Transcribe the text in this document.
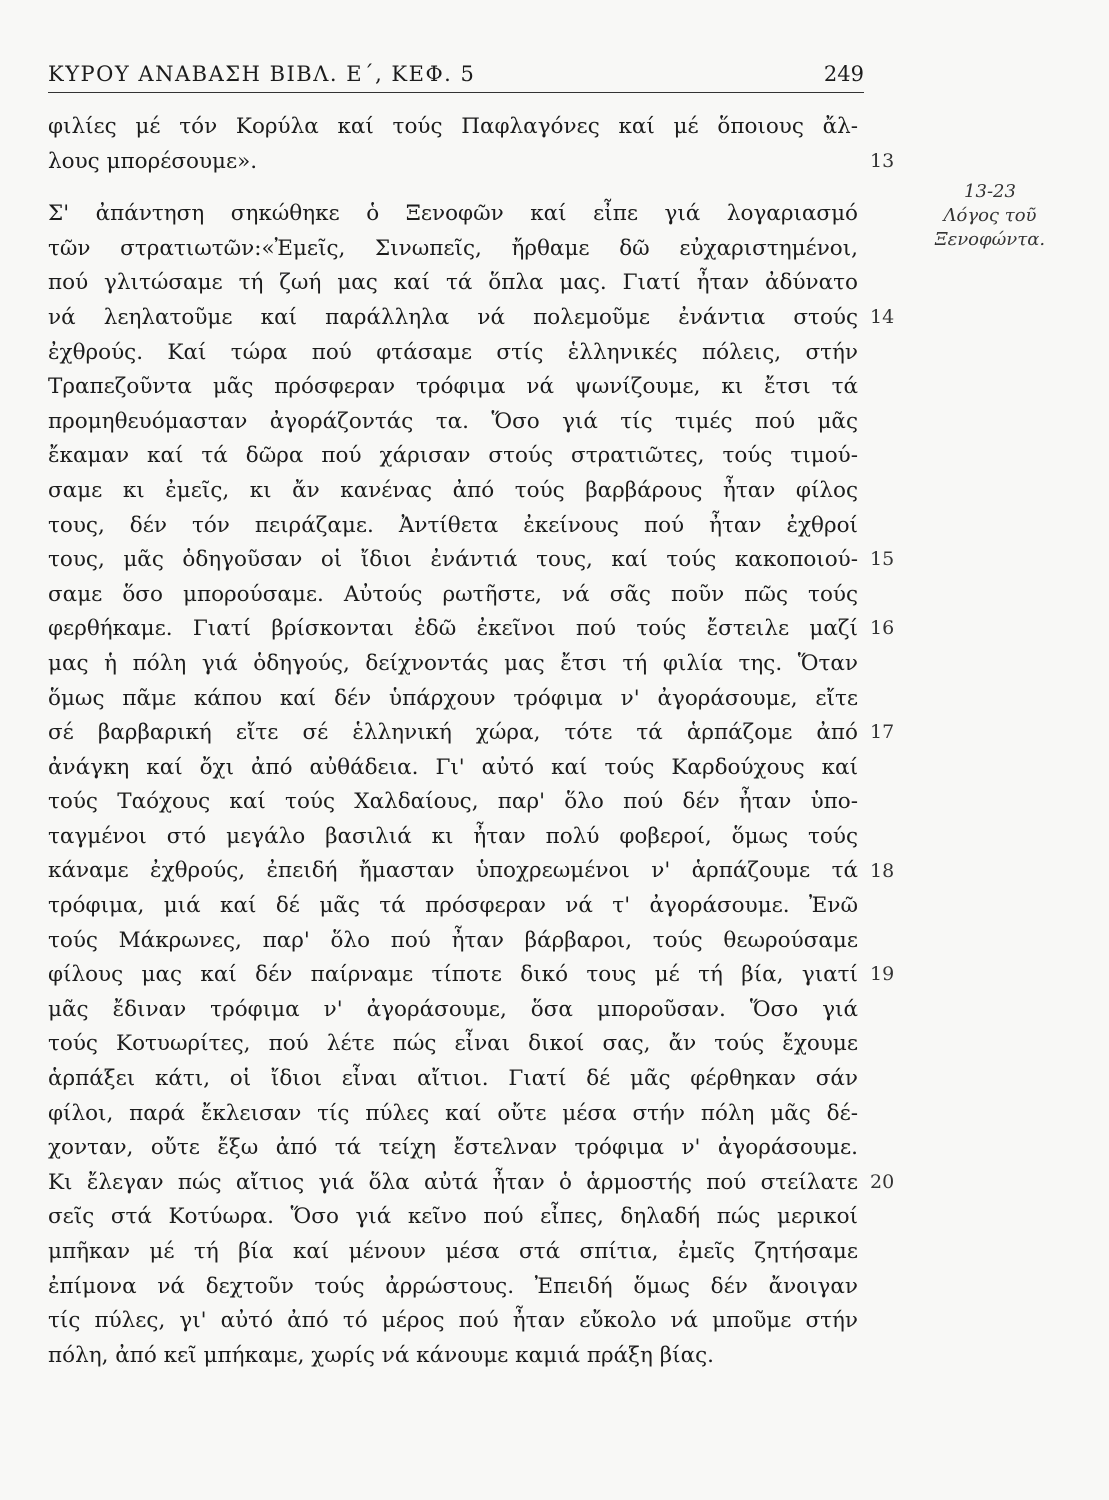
ΚΥΡΟΥ ΑΝΑΒΑΣΗ ΒΙΒΛ. Ε΄, ΚΕΦ. 5	249
φιλίες μέ τόν Κορύλα καί τούς Παφλαγόνες καί μέ ὅποιους ἄλ-
λους μπορέσουμε».
Σ' ἀπάντηση σηκώθηκε ὁ Ξενοφῶν καί εἶπε γιά λογαριασμό
τῶν στρατιωτῶν:«Ἐμεῖς, Σινωπεῖς, ἤρθαμε δῶ εὐχαριστημένοι,
πού γλιτώσαμε τή ζωή μας καί τά ὅπλα μας. Γιατί ἦταν ἀδύνατο
νά λεηλατοῦμε καί παράλληλα νά πολεμοῦμε ἐνάντια στούς
ἐχθρούς. Καί τώρα πού φτάσαμε στίς ἑλληνικές πόλεις, στήν
Τραπεζοῦντα μᾶς πρόσφεραν τρόφιμα νά ψωνίζουμε, κι ἔτσι τά
προμηθευόμασταν ἀγοράζοντάς τα. Ὅσο γιά τίς τιμές πού μᾶς
ἔκαμαν καί τά δῶρα πού χάρισαν στούς στρατιῶτες, τούς τιμού-
σαμε κι ἐμεῖς, κι ἄν κανένας ἀπό τούς βαρβάρους ἦταν φίλος
τους, δέν τόν πειράζαμε. Ἀντίθετα ἐκείνους πού ἦταν ἐχθροί
τους, μᾶς ὁδηγοῦσαν οἱ ἴδιοι ἐνάντιά τους, καί τούς κακοποιού-
σαμε ὅσο μπορούσαμε. Αὐτούς ρωτῆστε, νά σᾶς ποῦν πῶς τούς
φερθήκαμε. Γιατί βρίσκονται ἐδῶ ἐκεῖνοι πού τούς ἔστειλε μαζί
μας ἡ πόλη γιά ὁδηγούς, δείχνοντάς μας ἔτσι τή φιλία της. Ὅταν
ὅμως πᾶμε κάπου καί δέν ὑπάρχουν τρόφιμα ν' ἀγοράσουμε, εἴτε
σέ βαρβαρική εἴτε σέ ἑλληνική χώρα, τότε τά ἁρπάζομε ἀπό
ἀνάγκη καί ὄχι ἀπό αὐθάδεια. Γι' αὐτό καί τούς Καρδούχους καί
τούς Ταόχους καί τούς Χαλδαίους, παρ' ὅλο πού δέν ἦταν ὑπο-
ταγμένοι στό μεγάλο βασιλιά κι ἦταν πολύ φοβεροί, ὅμως τούς
κάναμε ἐχθρούς, ἐπειδή ἤμασταν ὑποχρεωμένοι ν' ἁρπάζουμε τά
τρόφιμα, μιά καί δέ μᾶς τά πρόσφεραν νά τ' ἀγοράσουμε. Ἐνῶ
τούς Μάκρωνες, παρ' ὅλο πού ἦταν βάρβαροι, τούς θεωρούσαμε
φίλους μας καί δέν παίρναμε τίποτε δικό τους μέ τή βία, γιατί
μᾶς ἔδιναν τρόφιμα ν' ἀγοράσουμε, ὅσα μποροῦσαν. Ὅσο γιά
τούς Κοτυωρίτες, πού λέτε πώς εἶναι δικοί σας, ἄν τούς ἔχουμε
ἁρπάξει κάτι, οἱ ἴδιοι εἶναι αἴτιοι. Γιατί δέ μᾶς φέρθηκαν σάν
φίλοι, παρά ἔκλεισαν τίς πύλες καί οὔτε μέσα στήν πόλη μᾶς δέ-
χονταν, οὔτε ἔξω ἀπό τά τείχη ἔστελναν τρόφιμα ν' ἀγοράσουμε.
Κι ἔλεγαν πώς αἴτιος γιά ὅλα αὐτά ἦταν ὁ ἁρμοστής πού στείλατε
σεῖς στά Κοτύωρα. Ὅσο γιά κεῖνο πού εἶπες, δηλαδή πώς μερικοί
μπῆκαν μέ τή βία καί μένουν μέσα στά σπίτια, ἐμεῖς ζητήσαμε
ἐπίμονα νά δεχτοῦν τούς ἀρρώστους. Ἐπειδή ὅμως δέν ἄνοιγαν
τίς πύλες, γι' αὐτό ἀπό τό μέρος πού ἦταν εὔκολο νά μποῦμε στήν
πόλη, ἀπό κεῖ μπήκαμε, χωρίς νά κάνουμε καμιά πράξη βίας.
13
14
15
16
17
18
19
20
13-23
Λόγος τοῦ
Ξενοφώντα.
